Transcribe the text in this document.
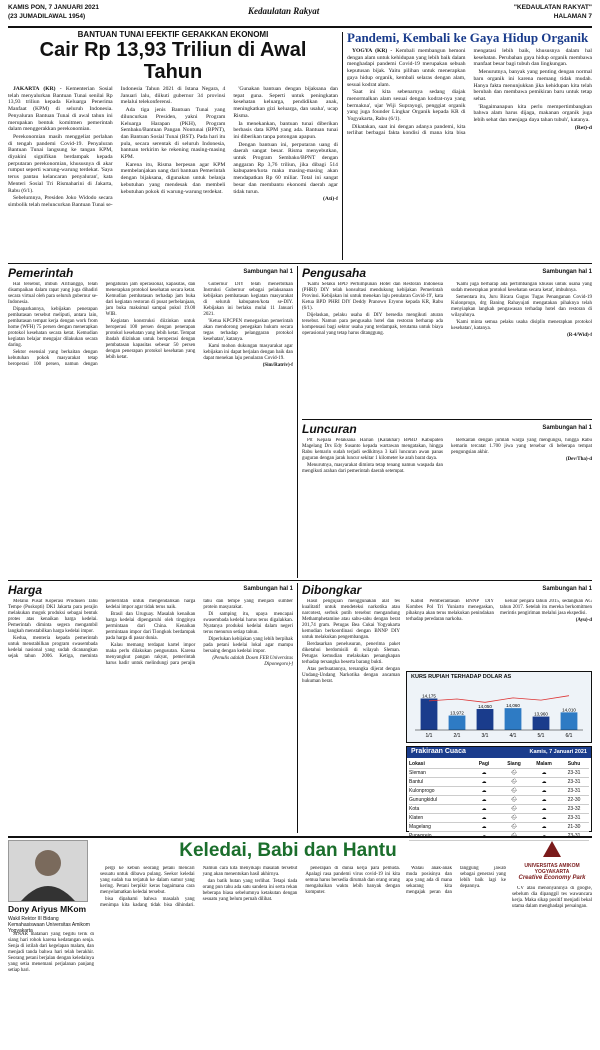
KAMIS PON, 7 JANUARI 2021
(23 JUMADILAWAL 1954)
Kedaulatan Rakyat	"KEDAULATAN RAKYAT"
HALAMAN 7
BANTUAN TUNAI EFEKTIF GERAKKAN EKONOMI
Cair Rp 13,93 Triliun di Awal Tahun

JAKARTA (KR) - Kementerian Sosial telah menyalurkan Bantuan Tunai senilai Rp 13,93 triliun kepada Keluarga Penerima Manfaat (KPM) di seluruh Indonesia. Penyaluran Bantuan Tunai di awal tahun ini merupakan bentuk komitmen pemerintah dalam menggerakkan perekonomian.

Perekonomian masih menggeliat perlahan di tengah pandemi Covid-19. Penyaluran Bantuan Tunai langsung ke tangan KPM, diyakini signifikan berdampak kepada perputaran perekonomian, khususnya di akar rumput seperti warung-warung terdekat. 'Saya terus pantau kelancaran penyaluran', kata Menteri Sosial Tri Rismaharini di Jakarta, Rabu (6/1).

Sebelumnya, Presiden Joko Widodo secara simbolik telah meluncurkan Bantuan Tunai se-Indonesia Tahun 2021 di Istana Negara, 4 Januari lalu, diikuti gubernur 34 provinsi melalui telekonferensi.

Ada tiga jenis Bantuan Tunai yang diluncurkan Presiden, yakni Program Keluarga Harapan (PKH), Program Sembako/Bantuan Pangan Nontunai (BPNT), dan Bantuan Sosial Tunai (BST). Pada hari itu pula, secara serentak di seluruh Indonesia, bantuan terkirim ke rekening masing-masing KPM.

Karena itu, Risma berpesan agar KPM membelanjakan uang dari bantuan Pemerintah dengan bijaksana, digunakan untuk belanja kebutuhan yang mendesak dan membeli kebutuhan pokok di warung-warung terdekat.

'Gunakan bantuan dengan bijaksana dan tepat guna. Seperti untuk peningkatan kesehatan keluarga, pendidikan anak, meningkatkan gizi keluarga, dan usaha', ucap Risma.

Ia menekankan, bantuan tunai diberikan berbasis data KPM yang ada. Bantuan tunai ini diberikan tanpa potongan apapun.

Dengan bantuan ini, perputaran uang di daerah sangat besar. Risma menyebutkan, untuk Program Sembako/BPNT dengan anggaran Rp 3,76 triliun, jika dibagi 514 kabupaten/kota maka masing-masing akan mendapatkan Rp 60 miliar. Total ini sangat besar dan membantu ekonomi daerah agar tidak turun.

(Ati)-f

Pandemi, Kembali ke Gaya Hidup Organik

YOGYA (KR) - Kembali membangun hemoni dengan alam untuk kehidupan yang lebih baik dalam menghadapi pandemi Covid-19 merupakan sebuah keputusan bijak. Yaitu pilihan untuk menerapkan gaya hidup organik, kembali selaras dengan alam, sesuai kodrat alam.

'Saat ini kita sebenarnya sedang diajak menormalkan alam sesuai dengan kodrat-nya yang bermakna', ujar Wiji Suprayogi, penggiat organik yang juga founder Lingkar Organik kepada KR di Yogyakarta, Rabu (6/1).

Dikatakan, saat ini dengan adanya pandemi, kita terlihat berbagai fakta kondisi di mana kita bisa mengatasi lebih baik, khususnya dalam hal kesehatan. Perubahan gaya hidup organik membawa manfaat besar bagi tubuh dan lingkungan.

Menurutnya, banyak yang penting dengan normal baru organik ini karena memang tidak mudah. Hanya fakta menunjukkan jika kehidupan kita telah berubah dan membawa pemikiran baru untuk tetap sehat.

'Bagaimanapun kita perlu mempertimbangkan bahwa alam harus dijaga, makanan organik juga lebih sehat dan menjaga daya tahan tubuh', katanya.

(Ret)-d

Pemerintah	Sambungan hal 1

Hal tersebut, imbuh Arifianggo, telah disampaikan dalam rapat yang juga dihadiri secara virtual oleh para seluruh gubernur se-Indonesia.

Dipaparkannya, kebijakan penerapan pembatasan tersebut meliputi, antara lain, pembatasan tempat kerja dengan work from home (WFH) 75 persen dengan menerapkan protokol kesehatan secara ketat. Kemudian kegiatan belajar mengajar dilakukan secara daring.

Sektor esensial yang berkaitan dengan kebutuhan pokok masyarakat tetap beroperasi 100 persen, namun dengan pengaturan jam operasional, kapasitas, dan menerapkan protokol kesehatan secara ketat. Kemudian pembatasan terhadap jam buka dari kegiatan restoran di pusat perbelanjaan, jam buka maksimal sampai pukul 19.00 WIB.

Kegiatan konstruksi diizinkan untuk beroperasi 100 persen dengan penerapan protokol kesehatan yang lebih ketat. Tempat ibadah diizinkan untuk beroperasi dengan pembatasan kapasitas sebesar 50 persen dengan penerapan protokol kesehatan yang lebih ketat.

Gubernur DIY telah menerbitkan Instruksi Gubernur sebagai pelaksanaan kebijakan pembatasan kegiatan masyarakat di seluruh kabupaten/kota se-DIY. Kebijakan ini berlaku mulai 11 Januari 2021.

'Ketua KPCPEN menegaskan pemerintah akan mendorong penegakan hukum secara tegas terhadap pelanggaran protokol kesehatan', katanya.

Kami mohon dukungan masyarakat agar kebijakan ini dapat berjalan dengan baik dan dapat menekan laju penularan Covid-19.

(Sim/Ratriv)-f

Pengusaha	Sambungan hal 1

'Kami Selaku BPD Perhimpunan Hotel dan Restoran Indonesia (PHRI) DIY telah konsultasi mendukung kebijakan Pemerintah Provinsi. Kebijakan ini untuk menekan laju penularan Covid-19', kata Ketua BPD PHRI DIY Deddy Pranowo Eryono kepada KR, Rabu (6/1).

Dijelaskan, pelaku usaha di DIY bersedia mengikuti aturan tersebut. Namun para pengusaha hotel dan restoran berharap ada kompensasi bagi sektor usaha yang terdampak, terutama untuk biaya operasional yang tetap harus ditanggung.

'Kami juga berharap ada pertimbangan khusus untuk usaha yang sudah menerapkan protokol kesehatan secara ketat', imbuhnya.

Sementara itu, Juru Bicara Gugus Tugas Penanganan Covid-19 Kulonprogo, drg Baning Rahayujati mengatakan pihaknya telah menyiapkan langkah pengawasan terhadap hotel dan restoran di wilayahnya.

'Kami minta semua pelaku usaha disiplin menerapkan protokol kesehatan', katanya.

(R-4/Wid)-f

Luncuran	Sambungan hal 1

Plt Kepala Pelaksana Harian (Kalakhar) BPBD Kabupaten Magelang Drs Edy Susanto kepada wartawan mengatakan, hingga Rabu kemarin sudah terjadi sedikitnya 3 kali luncuran awan panas guguran dengan jarak luncur sekitar 1 kilometer ke arah barat daya.

Menurutnya, masyarakat diminta tetap tenang namun waspada dan mengikuti arahan dari pemerintah daerah setempat.

Berkaitan dengan jumlah warga yang mengungsi, hingga Rabu kemarin tercatat 1.700 jiwa yang tersebar di beberapa tempat pengungsian akhir.

(Dev/Tha)-d

Harga	Sambungan hal 1

Melalui Pusat Koperasi Produsen Tahu Tempe (Puskopti) DKI Jakarta para perajin melakukan mogok produksi sebagai bentuk protes atas kenaikan harga kedelai. Pemerintah diminta segera mengambil langkah menstabilkan harga kedelai impor.

Kedua, menteria kepada pemerintah untuk menstabilkan program swasembada kedelai nasional yang sudah dicanangkan sejak tahun 2006. Ketiga, meminta pemerintah untuk mengendalikan harga kedelai impor agar tidak terus naik.

Brasil dan Uruguay. Masalah kenaikan harga kedelai dipengaruhi oleh tingginya permintaan dari China. Kenaikan permintaan impor dari Tiongkok berdampak pada harga di pasar dunia.

Kalau memang terdapat kartel impor maka perlu dilakukan pengusutan. Karena menyangkut pangan rakyat, pemerintah harus hadir untuk melindungi para perajin tahu dan tempe yang menjadi sumber protein masyarakat.

Di samping itu, upaya mencapai swasembada kedelai harus terus digalakkan. Nyatanya produksi kedelai dalam negeri terus menurun setiap tahun.

Diperlukan kebijakan yang lebih berpihak pada petani kedelai lokal agar mampu bersaing dengan kedelai impor.

(Penulis adalah Dosen FEB Universitas Diponegoro)-f

Dibongkar	Sambungan hal 1

Hasil pengujian menggunakan alat tes kualitatif untuk mendeteksi narkotika atau narcotest, serbuk putih tersebut mengandung Methamphetamine atau sabu-sabu dengan berat 201,74 gram. Petugas Bea Cukai Yogyakarta kemudian berkoordinasi dengan BNNP DIY untuk melakukan pengembangan.

Berdasarkan penelusuran, penerima paket diketahui berdomisili di wilayah Sleman. Petugas kemudian melakukan penangkapan terhadap tersangka beserta barang bukti.

Atas perbuatannya, tersangka dijerat dengan Undang-Undang Narkotika dengan ancaman hukuman berat.

Kabid Pemberantasan BNNP DIY Kombes Pol Tri Yuniarto menegaskan, pihaknya akan terus melakukan penindakan terhadap peredaran narkoba.

keluar penjara tahun 2015, sedangkan AG tahun 2017. Setelah itu mereka berkomitmen merintis pengiriman melalui jasa ekspedisi.

(Ayu)-d

KURS RUPIAH TERHADAP DOLAR AS
14,175
1/1
13,972
2/1
14,050
3/1
14,060
4/1
13,960
5/1
14,010
6/1
Prakiraan Cuaca	Kamis, 7 Januari 2021
Lokasi	Pagi	Siang	Malam	Suhu
Sleman	☁	🌧	☁	23-31
Bantul	☁	🌧	☁	23-31
Kulonprogo	☁	🌧	☁	23-31
Gunungkidul	☁	🌧	☁	22-30
Kota	☁	🌧	☁	23-32
Klaten	☁	🌧	☁	23-31
Magelang	☁	🌧	☁	21-30
Keledai, Babi dan Hantu
Dony Ariyus MKom
Wakil Rektor III Bidang Kemahasiswaan Universitas Amikom Yogyakarta

SINAR matahari yang begitu terik di siang hari rohok karena kedatangan senja. Senja di istilah dari kegelapan malam, dan menjadi tanda bahwa hari telah berakhir. Seorang petani berjalan dengan keledainya yang setia menemani perjalanan panjang setiap hari.

pergi ke kebun seorang petani mencari sesuatu untuk dibawa pulang. Seekor keledai yang sudah tua terjatuh ke dalam sumur yang kering. Petani berpikir keras bagaimana cara menyelamatkan keledai tersebut.

bisa dipahami bahwa masalah yang menimpa kita kadang tidak bisa dihindari. Namun cara kita menyikapi masalah tersebut yang akan menentukan hasil akhirnya.

dan batik hutan yang terlihat. Tetapi tiada orang pun tahu ada satu sandera ini serta rekan beberapa biasa sebelumnya ketakutan dengan sesuatu yang belum pernah dilihat.

penerapan di dunia kerja para pemuda. Apalagi rasa pandemi virus covid-19 ini kita semua harus bersedia dirumah dan orang orang mengabaikan waktu lebih banyak dengan komputer.

Walau anak-anak muda posisinya dan apa yang ada di mana sekarang kita mengajak peran dan tanggung jawab sebagai generasi yang lebih baik lagi ke depannya.

UNIVERSITAS AMIKOM YOGYAKARTA
Creative Economy Park

CV atau menonyaninya di google, sebelum dia dipanggil tes wawancara kerja. Maka sikap positif menjadi bekal utama dalam menghadapi persaingan.
